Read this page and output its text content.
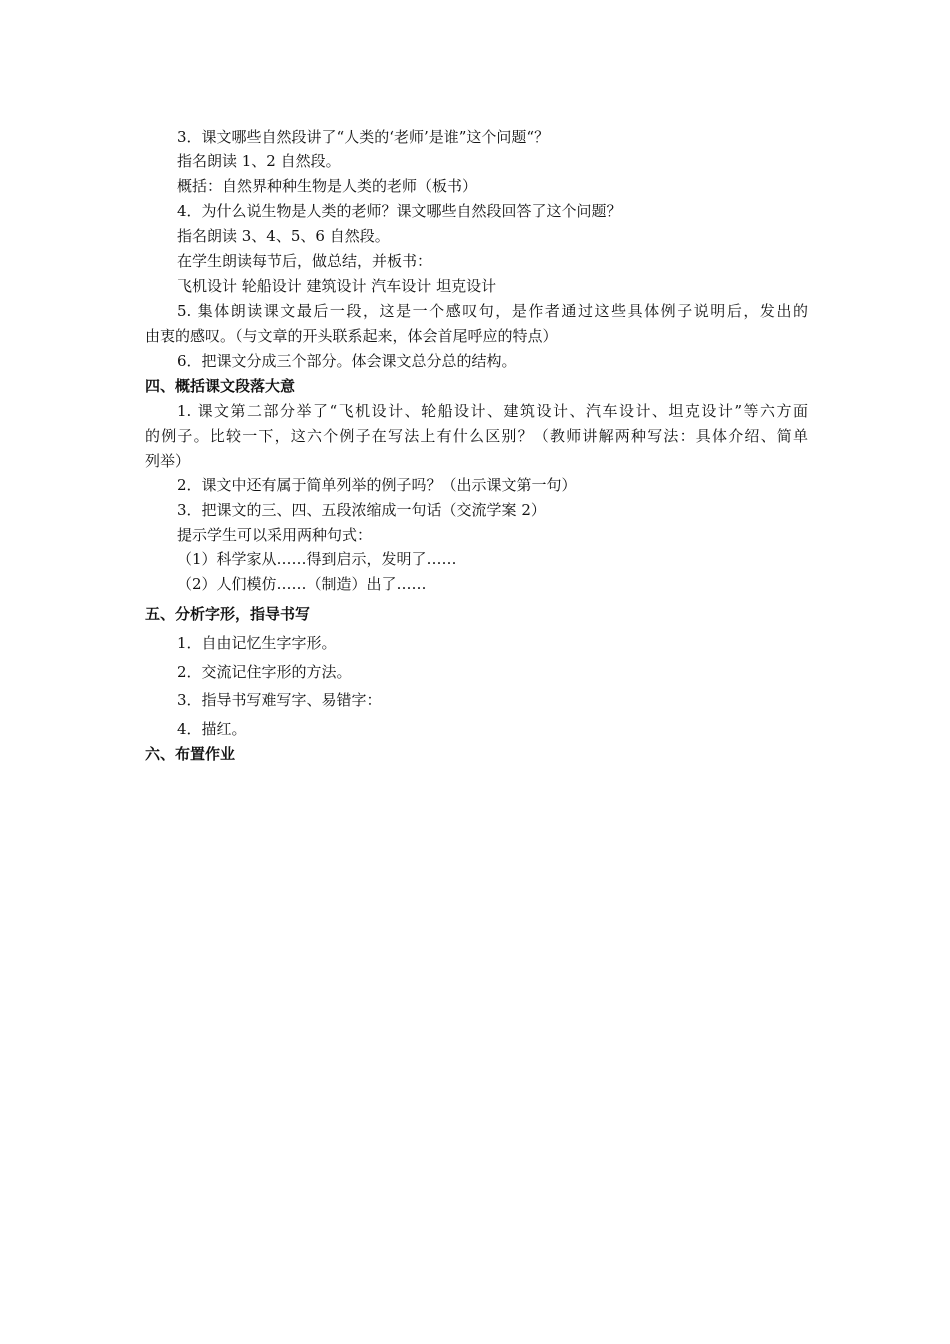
3．课文哪些自然段讲了“人类的‘老师’是谁”这个问题“？
指名朗读 1、2 自然段。
概括：自然界种种生物是人类的老师（板书）
4．为什么说生物是人类的老师？课文哪些自然段回答了这个问题？
指名朗读 3、4、5、6 自然段。
在学生朗读每节后，做总结，并板书：
飞机设计 轮船设计 建筑设计 汽车设计 坦克设计
5. 集体朗读课文最后一段，这是一个感叹句，是作者通过这些具体例子说明后，发出的
由衷的感叹。（与文章的开头联系起来，体会首尾呼应的特点）
6．把课文分成三个部分。体会课文总分总的结构。
四、概括课文段落大意
1. 课文第二部分举了“飞机设计、轮船设计、建筑设计、汽车设计、坦克设计”等六方面
的例子。比较一下，这六个例子在写法上有什么区别？（教师讲解两种写法：具体介绍、简单
列举）
2．课文中还有属于简单列举的例子吗？（出示课文第一句）
3．把课文的三、四、五段浓缩成一句话（交流学案 2）
提示学生可以采用两种句式：
（1）科学家从……得到启示，发明了……
（2）人们模仿……（制造）出了……
五、分析字形，指导书写
1．自由记忆生字字形。
2．交流记住字形的方法。
3．指导书写难写字、易错字：
4．描红。
六、布置作业
